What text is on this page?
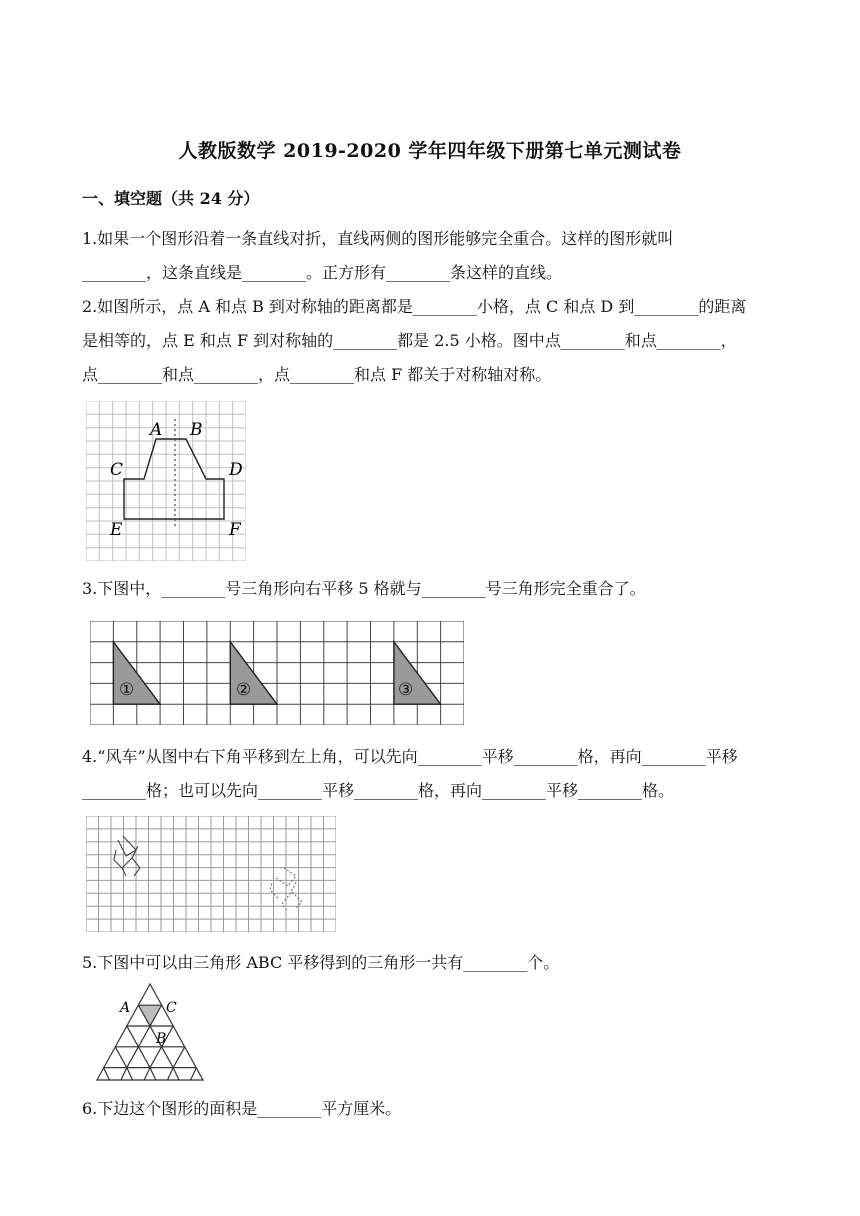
人教版数学 2019-2020 学年四年级下册第七单元测试卷
一、填空题（共 24 分）
1.如果一个图形沿着一条直线对折，直线两侧的图形能够完全重合。这样的图形就叫
________，这条直线是________。正方形有________条这样的直线。
2.如图所示，点 A 和点 B 到对称轴的距离都是________小格，点 C 和点 D 到________的距离
是相等的，点 E 和点 F 到对称轴的________都是 2.5 小格。图中点________和点________，
点________和点________，点________和点 F 都关于对称轴对称。
A B
C	D
E	F
3.下图中，________号三角形向右平移 5 格就与________号三角形完全重合了。
①	②	③
4.“风车”从图中右下角平移到左上角，可以先向________平移________格，再向________平移
________格；也可以先向________平移________格，再向________平移________格。
5.下图中可以由三角形 ABC 平移得到的三角形一共有________个。
A	C
B
6.下边这个图形的面积是________平方厘米。
